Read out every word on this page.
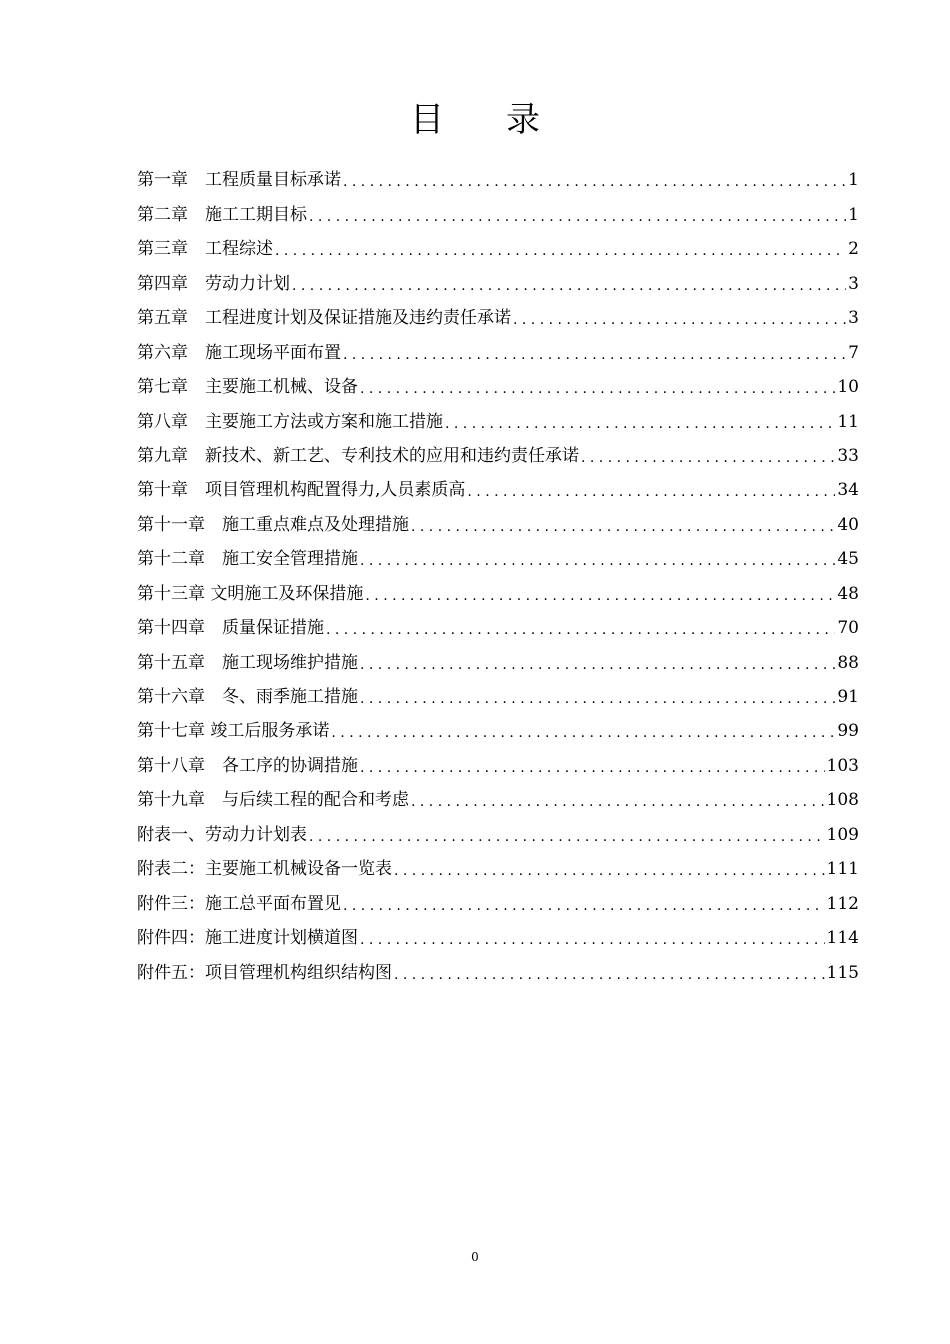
目录
第一章　工程质量目标承诺 . . .	1
第二章　施工工期目标 . . .	1
第三章　工程综述 . . .	2
第四章　劳动力计划 . . .	3
第五章　工程进度计划及保证措施及违约责任承诺 . . .	3
第六章　施工现场平面布置 . . .	7
第七章　主要施工机械、设备 . . .	10
第八章　主要施工方法或方案和施工措施 . . .	11
第九章　新技术、新工艺、专利技术的应用和违约责任承诺 . . .	33
第十章　项目管理机构配置得力,人员素质高 . . .	34
第十一章　施工重点难点及处理措施 . . .	40
第十二章　施工安全管理措施 . . .	45
第十三章 文明施工及环保措施 . . .	48
第十四章　质量保证措施 . . .	70
第十五章　施工现场维护措施 . . .	88
第十六章　冬、雨季施工措施 . . .	91
第十七章 竣工后服务承诺 . . .	99
第十八章　各工序的协调措施 . . .	103
第十九章　与后续工程的配合和考虑 . . .	108
附表一、劳动力计划表 . . .	109
附表二：主要施工机械设备一览表 . . .	111
附件三：施工总平面布置见 . . .	112
附件四：施工进度计划横道图 . . .	114
附件五：项目管理机构组织结构图 . . .	115
0
